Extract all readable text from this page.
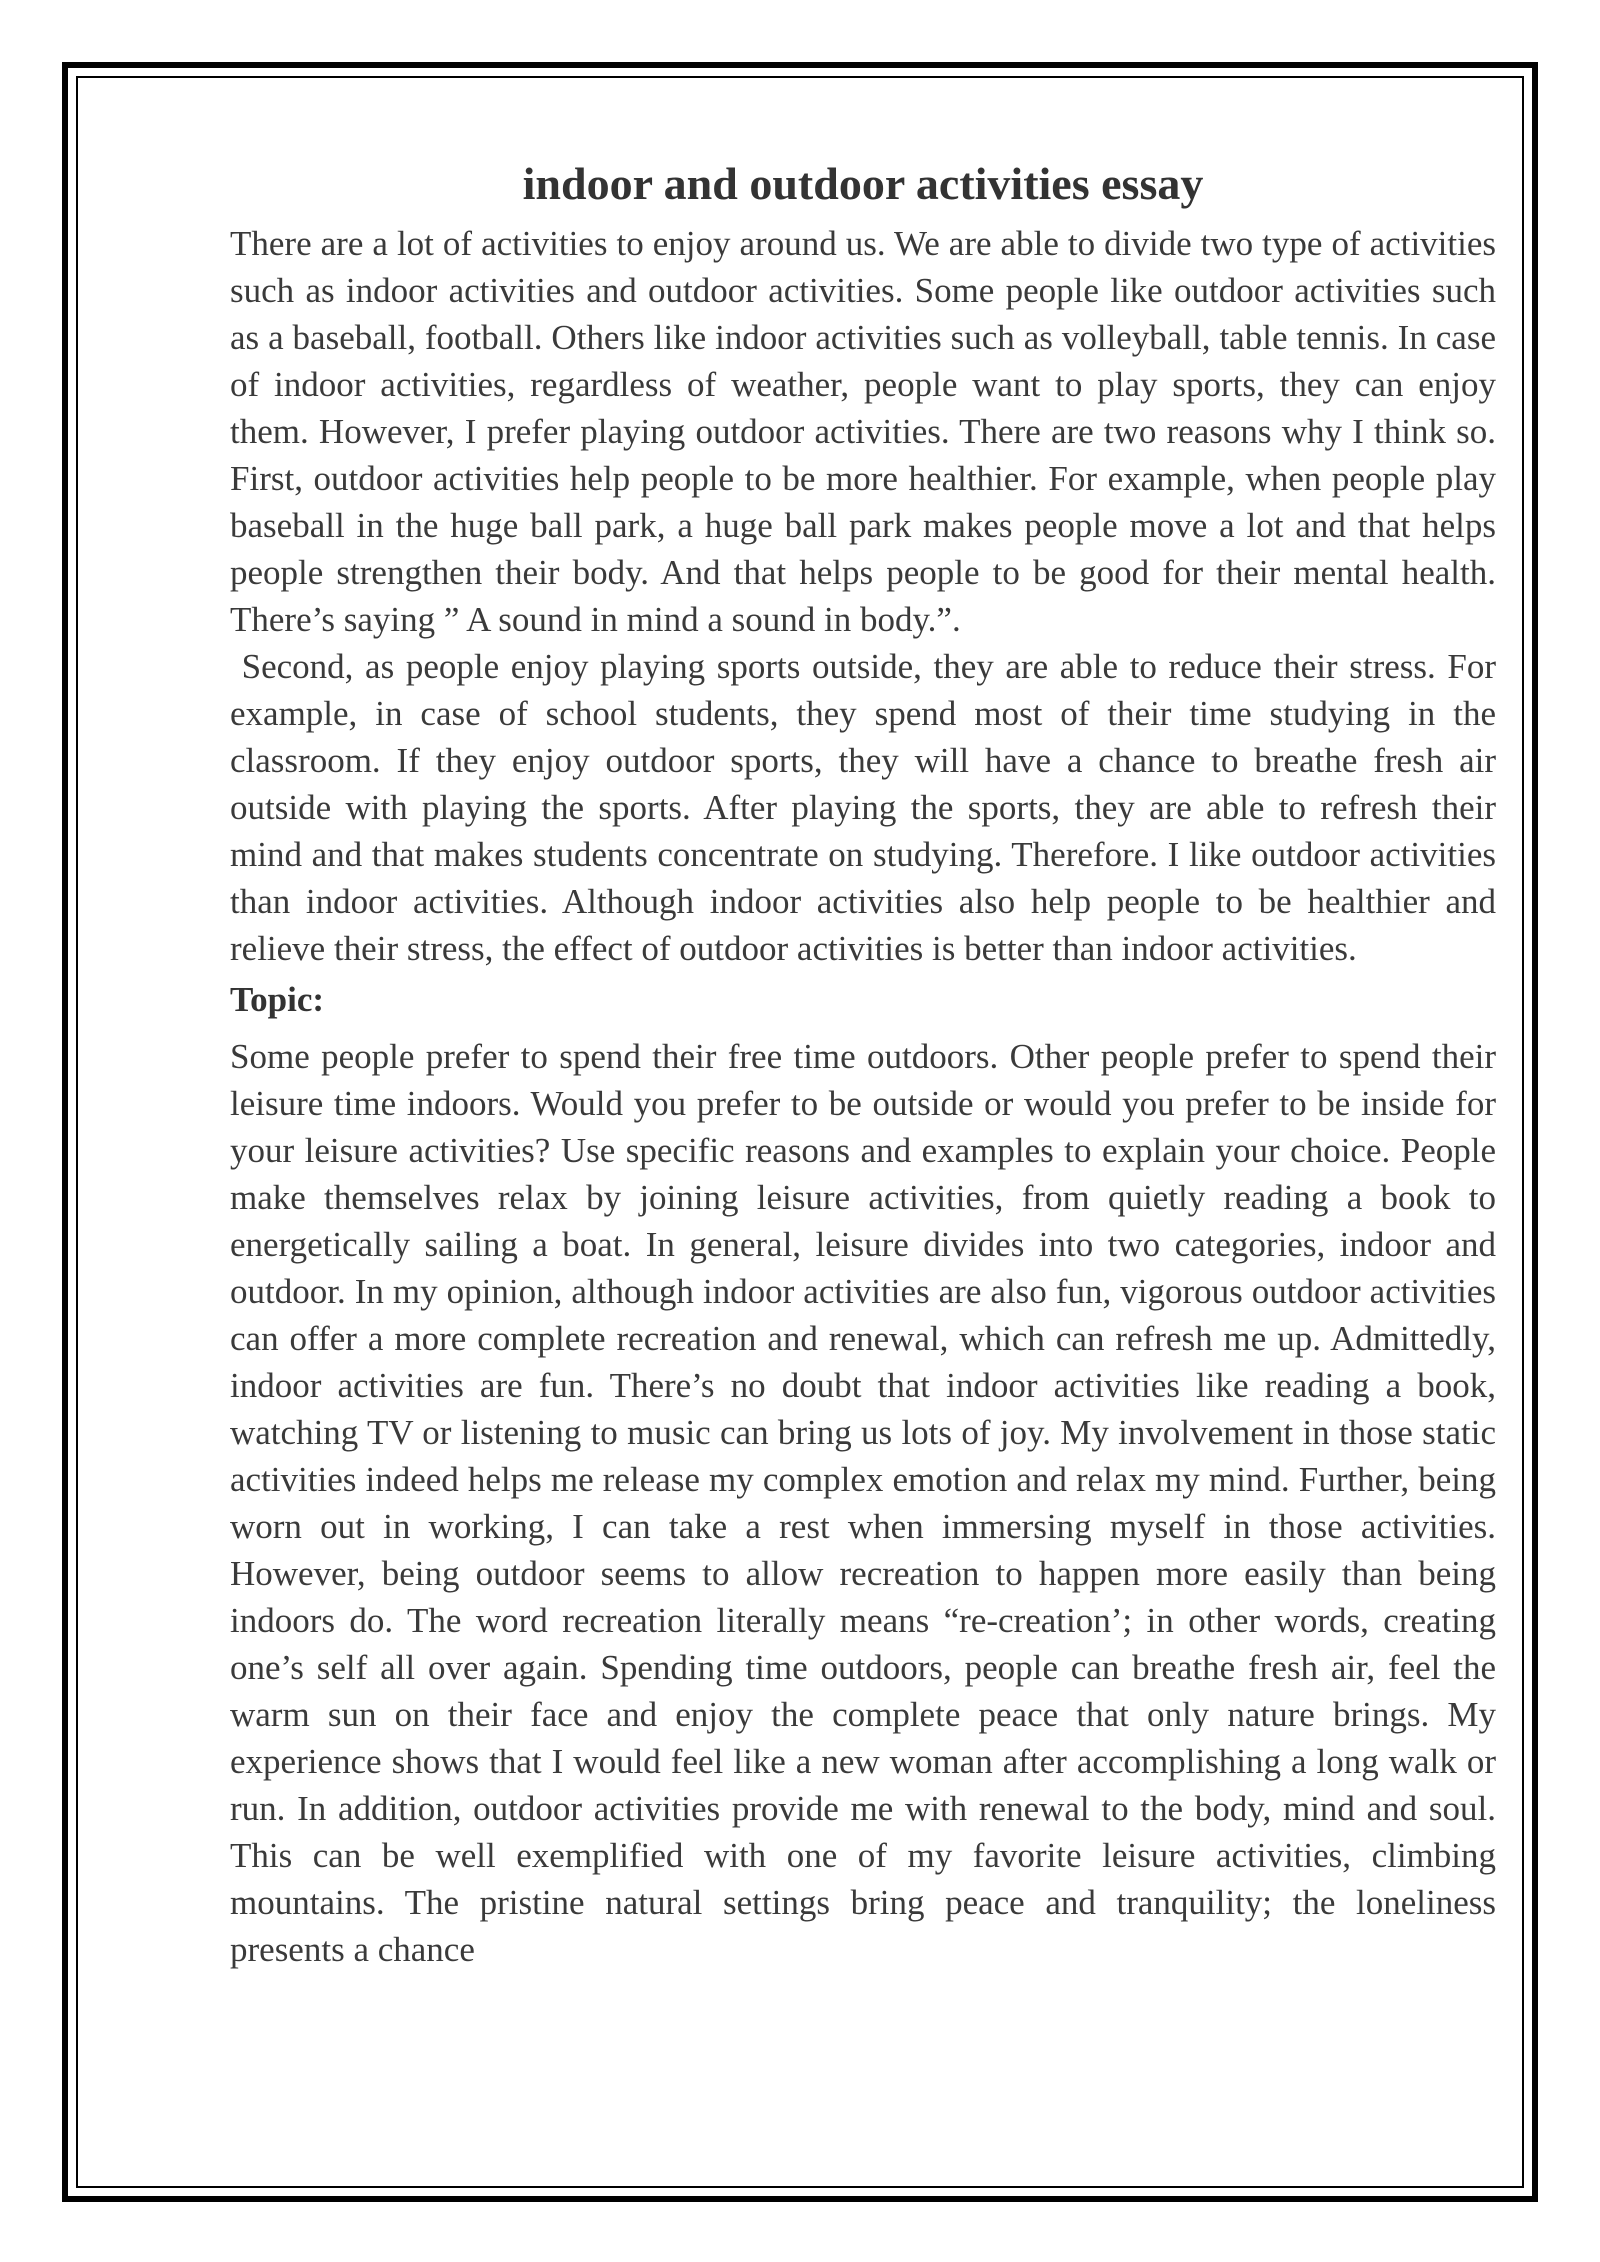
indoor and outdoor activities essay

There are a lot of activities to enjoy around us. We are able to divide two type of activities such as indoor activities and outdoor activities. Some people like outdoor activities such as a baseball, football. Others like indoor activities such as volleyball, table tennis. In case of indoor activities, regardless of weather, people want to play sports, they can enjoy them. However, I prefer playing outdoor activities. There are two reasons why I think so. First, outdoor activities help people to be more healthier. For example, when people play baseball in the huge ball park, a huge ball park makes people move a lot and that helps people strengthen their body. And that helps people to be good for their mental health. There’s saying ” A sound in mind a sound in body.”.

Second, as people enjoy playing sports outside, they are able to reduce their stress. For example, in case of school students, they spend most of their time studying in the classroom. If they enjoy outdoor sports, they will have a chance to breathe fresh air outside with playing the sports. After playing the sports, they are able to refresh their mind and that makes students concentrate on studying. Therefore. I like outdoor activities than indoor activities. Although indoor activities also help people to be healthier and relieve their stress, the effect of outdoor activities is better than indoor activities.

Topic:

Some people prefer to spend their free time outdoors. Other people prefer to spend their leisure time indoors. Would you prefer to be outside or would you prefer to be inside for your leisure activities? Use specific reasons and examples to explain your choice. People make themselves relax by joining leisure activities, from quietly reading a book to energetically sailing a boat. In general, leisure divides into two categories, indoor and outdoor. In my opinion, although indoor activities are also fun, vigorous outdoor activities can offer a more complete recreation and renewal, which can refresh me up. Admittedly, indoor activities are fun. There’s no doubt that indoor activities like reading a book, watching TV or listening to music can bring us lots of joy. My involvement in those static activities indeed helps me release my complex emotion and relax my mind. Further, being worn out in working, I can take a rest when immersing myself in those activities. However, being outdoor seems to allow recreation to happen more easily than being indoors do. The word recreation literally means “re-creation’; in other words, creating one’s self all over again. Spending time outdoors, people can breathe fresh air, feel the warm sun on their face and enjoy the complete peace that only nature brings. My experience shows that I would feel like a new woman after accomplishing a long walk or run. In addition, outdoor activities provide me with renewal to the body, mind and soul. This can be well exemplified with one of my favorite leisure activities, climbing mountains. The pristine natural settings bring peace and tranquility; the loneliness presents a chance
